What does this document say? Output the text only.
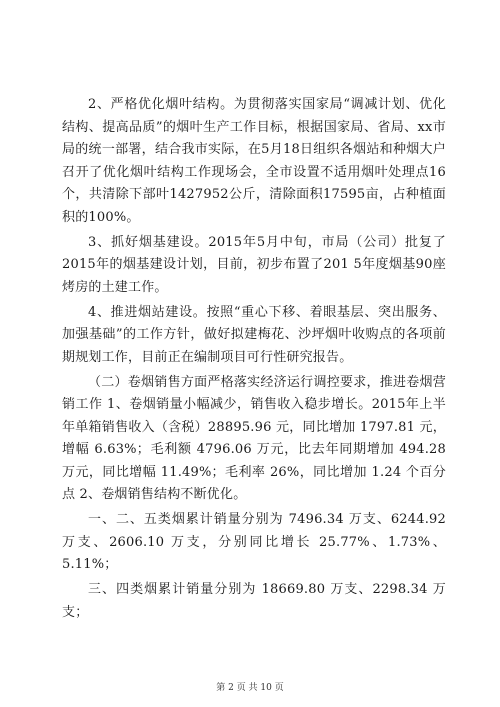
2、严格优化烟叶结构。为贯彻落实国家局“调减计划、优化结构、提高品质”的烟叶生产工作目标，根据国家局、省局、xx市局的统一部署，结合我市实际，在5月18日组织各烟站和种烟大户召开了优化烟叶结构工作现场会，全市设置不适用烟叶处理点16个，共清除下部叶1427952公斤，清除面积17595亩，占种植面积的100%。

3、抓好烟基建设。2015年5月中旬，市局（公司）批复了2015年的烟基建设计划，目前，初步布置了201 5年度烟基90座烤房的土建工作。

4、推进烟站建设。按照“重心下移、着眼基层、突出服务、加强基础”的工作方针，做好拟建梅花、沙坪烟叶收购点的各项前期规划工作，目前正在编制项目可行性研究报告。

（二）卷烟销售方面严格落实经济运行调控要求，推进卷烟营销工作 1、卷烟销量小幅减少，销售收入稳步增长。2015年上半年单箱销售收入（含税）28895.96 元，同比增加 1797.81 元，增幅 6.63%；毛利额 4796.06 万元，比去年同期增加 494.28 万元，同比增幅 11.49%；毛利率 26%，同比增加 1.24 个百分点 2、卷烟销售结构不断优化。

一、二、五类烟累计销量分别为 7496.34 万支、6244.92 万支、2606.10 万支，分别同比增长 25.77%、1.73%、5.11%；

三、四类烟累计销量分别为 18669.80 万支、2298.34 万支；

第 2 页 共 10 页
